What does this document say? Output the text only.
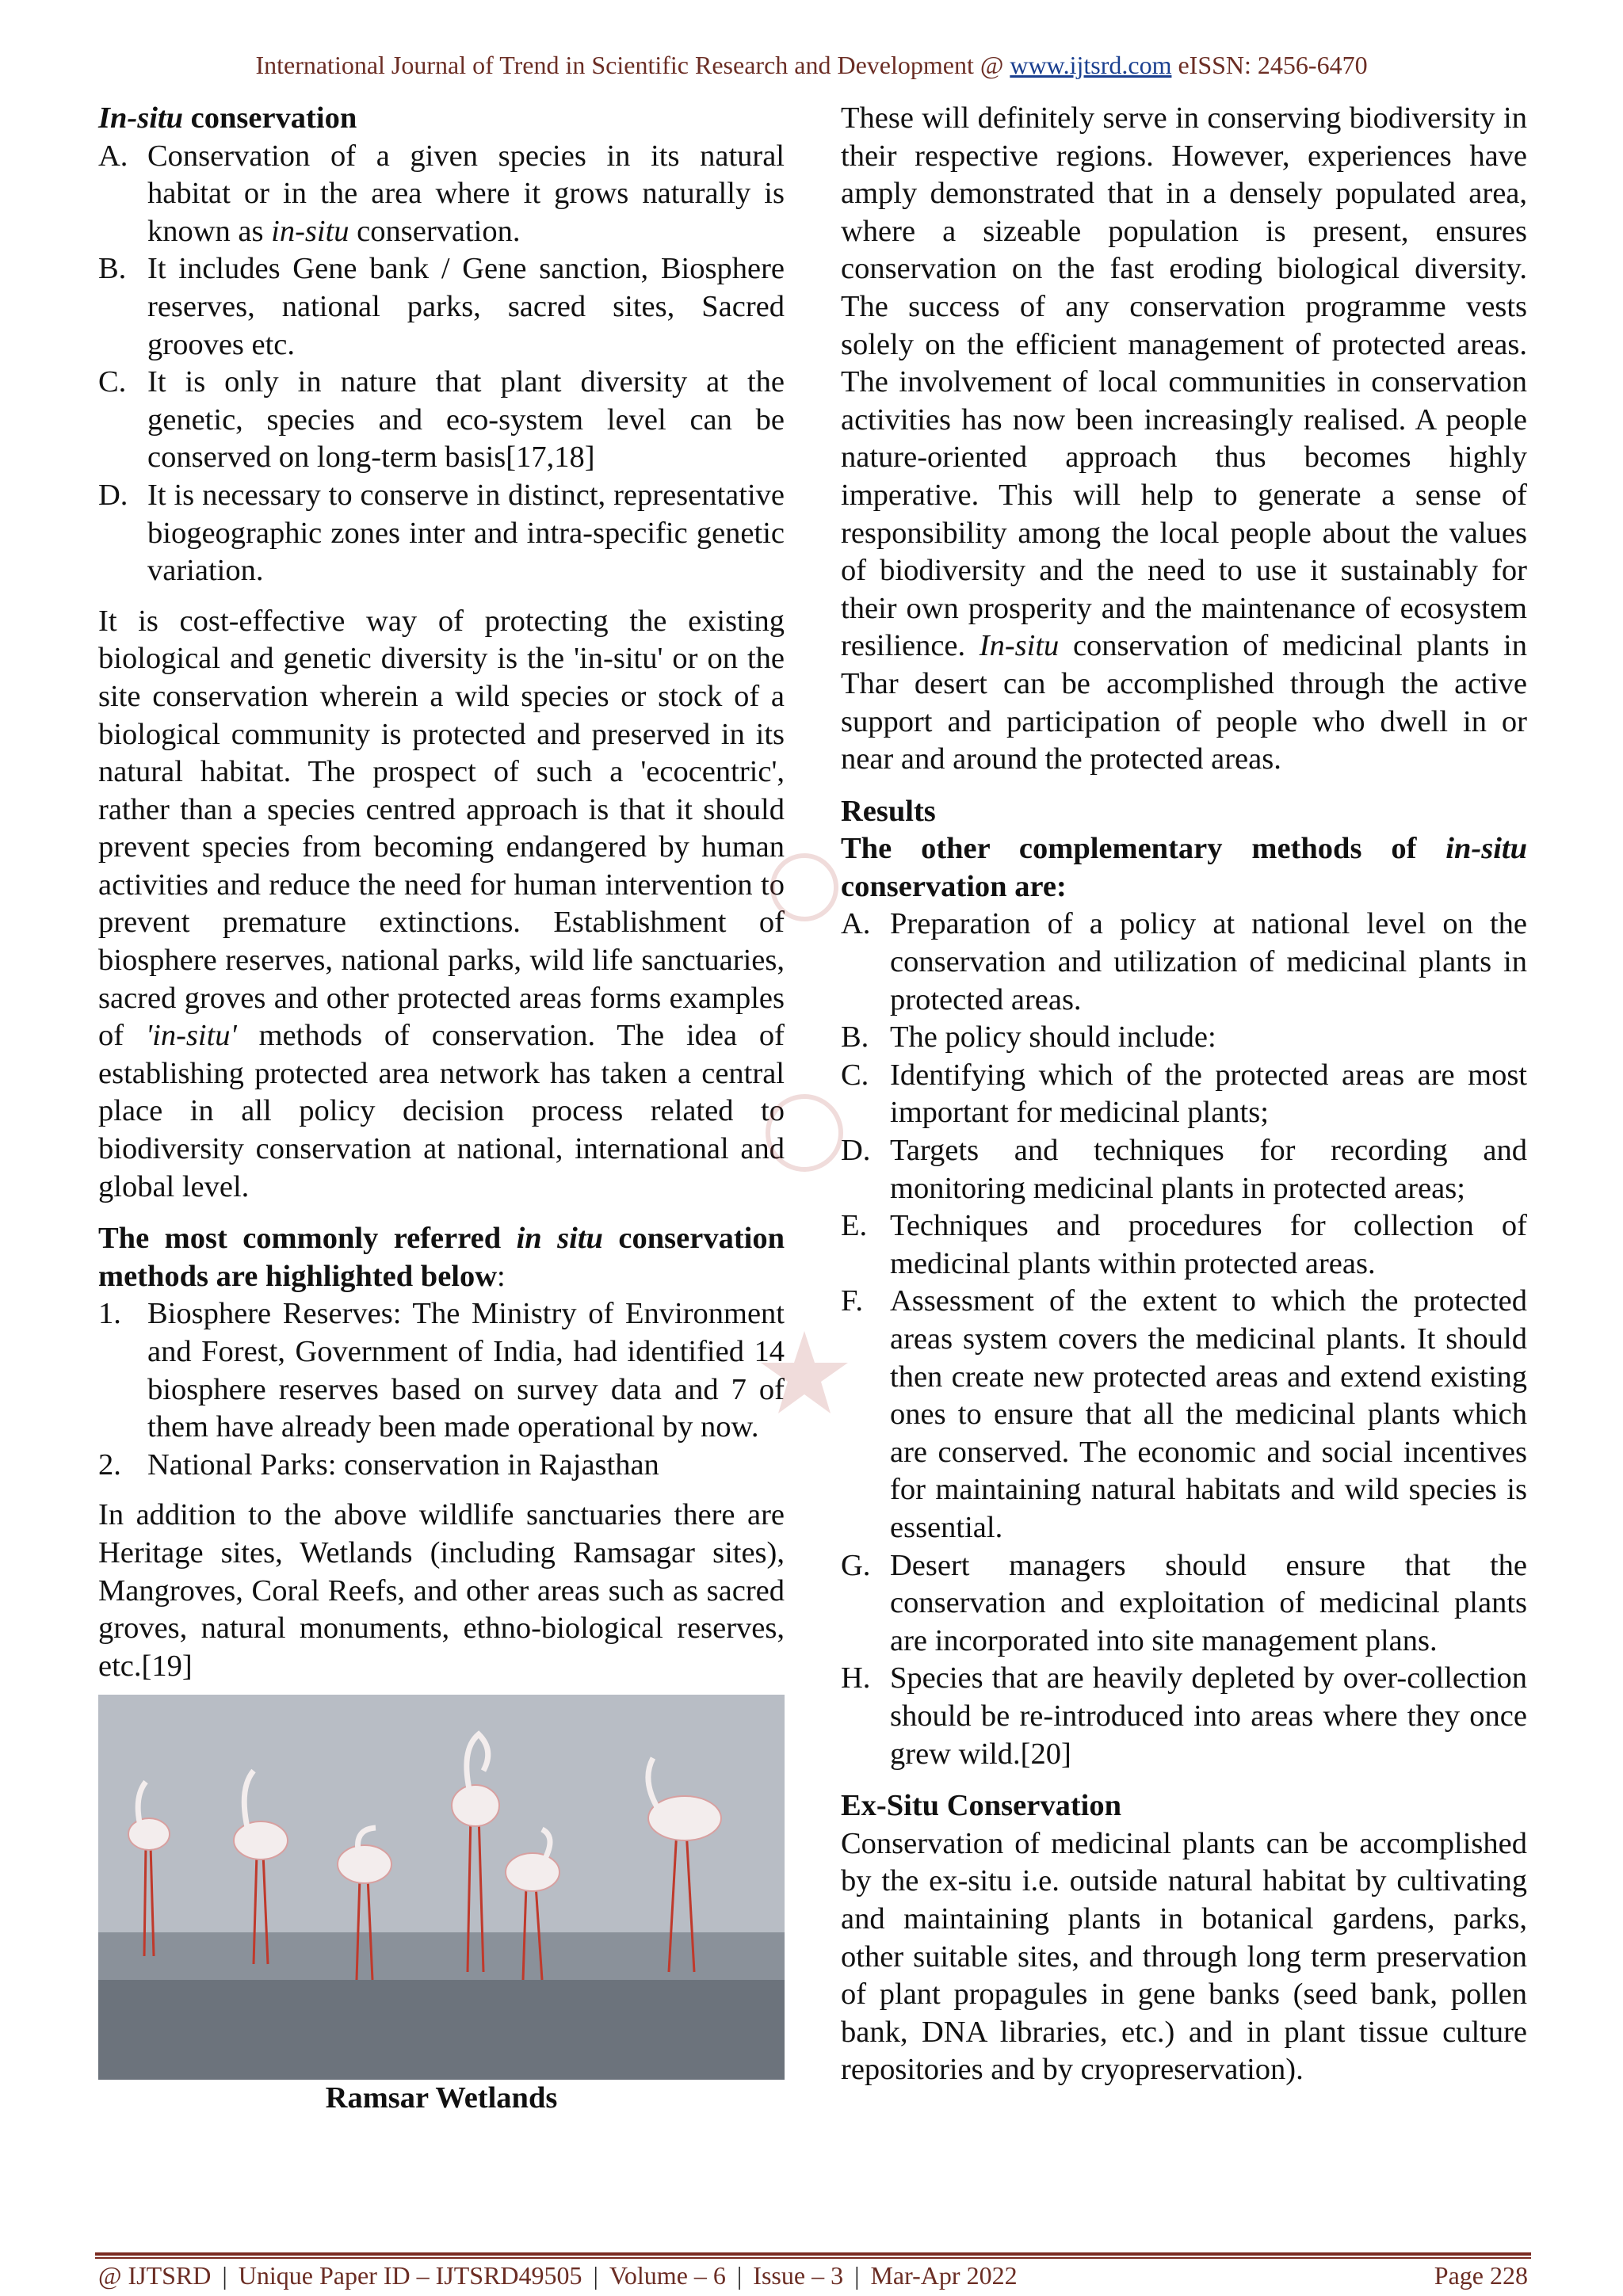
International Journal of Trend in Scientific Research and Development @ www.ijtsrd.com eISSN: 2456-6470

In-situ conservation

A. Conservation of a given species in its natural habitat or in the area where it grows naturally is known as in-situ conservation.
B. It includes Gene bank / Gene sanction, Biosphere reserves, national parks, sacred sites, Sacred grooves etc.
C. It is only in nature that plant diversity at the genetic, species and eco-system level can be conserved on long-term basis[17,18]
D. It is necessary to conserve in distinct, representative biogeographic zones inter and intra-specific genetic variation.

It is cost-effective way of protecting the existing biological and genetic diversity is the 'in-situ' or on the site conservation wherein a wild species or stock of a biological community is protected and preserved in its natural habitat. The prospect of such a 'ecocentric', rather than a species centred approach is that it should prevent species from becoming endangered by human activities and reduce the need for human intervention to prevent premature extinctions. Establishment of biosphere reserves, national parks, wild life sanctuaries, sacred groves and other protected areas forms examples of 'in-situ' methods of conservation. The idea of establishing protected area network has taken a central place in all policy decision process related to biodiversity conservation at national, international and global level.

The most commonly referred in situ conservation methods are highlighted below:

1. Biosphere Reserves: The Ministry of Environment and Forest, Government of India, had identified 14 biosphere reserves based on survey data and 7 of them have already been made operational by now.
2. National Parks: conservation in Rajasthan

In addition to the above wildlife sanctuaries there are Heritage sites, Wetlands (including Ramsagar sites), Mangroves, Coral Reefs, and other areas such as sacred groves, natural monuments, ethno-biological reserves, etc.[19]

Ramsar Wetlands

These will definitely serve in conserving biodiversity in their respective regions. However, experiences have amply demonstrated that in a densely populated area, where a sizeable population is present, ensures conservation on the fast eroding biological diversity. The success of any conservation programme vests solely on the efficient management of protected areas. The involvement of local communities in conservation activities has now been increasingly realised. A people nature-oriented approach thus becomes highly imperative. This will help to generate a sense of responsibility among the local people about the values of biodiversity and the need to use it sustainably for their own prosperity and the maintenance of ecosystem resilience. In-situ conservation of medicinal plants in Thar desert can be accomplished through the active support and participation of people who dwell in or near and around the protected areas.

Results

The other complementary methods of in-situ conservation are:

A. Preparation of a policy at national level on the conservation and utilization of medicinal plants in protected areas.
B. The policy should include:
C. Identifying which of the protected areas are most important for medicinal plants;
D. Targets and techniques for recording and monitoring medicinal plants in protected areas;
E. Techniques and procedures for collection of medicinal plants within protected areas.
F. Assessment of the extent to which the protected areas system covers the medicinal plants. It should then create new protected areas and extend existing ones to ensure that all the medicinal plants which are conserved. The economic and social incentives for maintaining natural habitats and wild species is essential.
G. Desert managers should ensure that the conservation and exploitation of medicinal plants are incorporated into site management plans.
H. Species that are heavily depleted by over-collection should be re-introduced into areas where they once grew wild.[20]

Ex-Situ Conservation

Conservation of medicinal plants can be accomplished by the ex-situ i.e. outside natural habitat by cultivating and maintaining plants in botanical gardens, parks, other suitable sites, and through long term preservation of plant propagules in gene banks (seed bank, pollen bank, DNA libraries, etc.) and in plant tissue culture repositories and by cryopreservation).

@ IJTSRD | Unique Paper ID – IJTSRD49505 | Volume – 6 | Issue – 3 | Mar-Apr 2022	Page 228
